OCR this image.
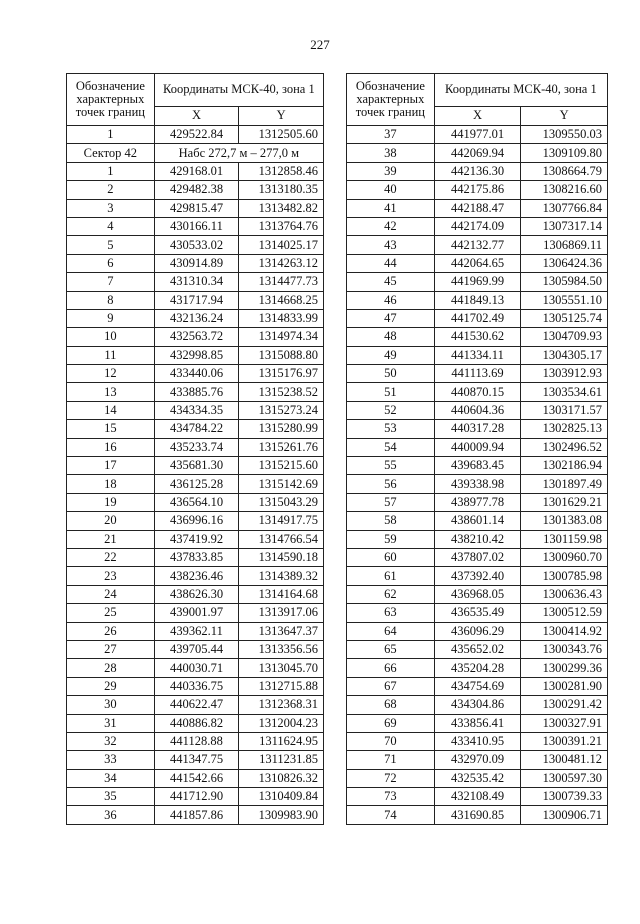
227
Обозначение характерных точек границ	Координаты МСК-40, зона 1	
	X	Y
1	429522.84	1312505.60
Сектор 42	Набс 272,7 м – 277,0 м	
1	429168.01	1312858.46
2	429482.38	1313180.35
3	429815.47	1313482.82
4	430166.11	1313764.76
5	430533.02	1314025.17
6	430914.89	1314263.12
7	431310.34	1314477.73
8	431717.94	1314668.25
9	432136.24	1314833.99
10	432563.72	1314974.34
11	432998.85	1315088.80
12	433440.06	1315176.97
13	433885.76	1315238.52
14	434334.35	1315273.24
15	434784.22	1315280.99
16	435233.74	1315261.76
17	435681.30	1315215.60
18	436125.28	1315142.69
19	436564.10	1315043.29
20	436996.16	1314917.75
21	437419.92	1314766.54
22	437833.85	1314590.18
23	438236.46	1314389.32
24	438626.30	1314164.68
25	439001.97	1313917.06
26	439362.11	1313647.37
27	439705.44	1313356.56
28	440030.71	1313045.70
29	440336.75	1312715.88
30	440622.47	1312368.31
31	440886.82	1312004.23
32	441128.88	1311624.95
33	441347.75	1311231.85
34	441542.66	1310826.32
35	441712.90	1310409.84
36	441857.86	1309983.90
Обозначение характерных точек границ	Координаты МСК-40, зона 1	
	X	Y
37	441977.01	1309550.03
38	442069.94	1309109.80
39	442136.30	1308664.79
40	442175.86	1308216.60
41	442188.47	1307766.84
42	442174.09	1307317.14
43	442132.77	1306869.11
44	442064.65	1306424.36
45	441969.99	1305984.50
46	441849.13	1305551.10
47	441702.49	1305125.74
48	441530.62	1304709.93
49	441334.11	1304305.17
50	441113.69	1303912.93
51	440870.15	1303534.61
52	440604.36	1303171.57
53	440317.28	1302825.13
54	440009.94	1302496.52
55	439683.45	1302186.94
56	439338.98	1301897.49
57	438977.78	1301629.21
58	438601.14	1301383.08
59	438210.42	1301159.98
60	437807.02	1300960.70
61	437392.40	1300785.98
62	436968.05	1300636.43
63	436535.49	1300512.59
64	436096.29	1300414.92
65	435652.02	1300343.76
66	435204.28	1300299.36
67	434754.69	1300281.90
68	434304.86	1300291.42
69	433856.41	1300327.91
70	433410.95	1300391.21
71	432970.09	1300481.12
72	432535.42	1300597.30
73	432108.49	1300739.33
74	431690.85	1300906.71
